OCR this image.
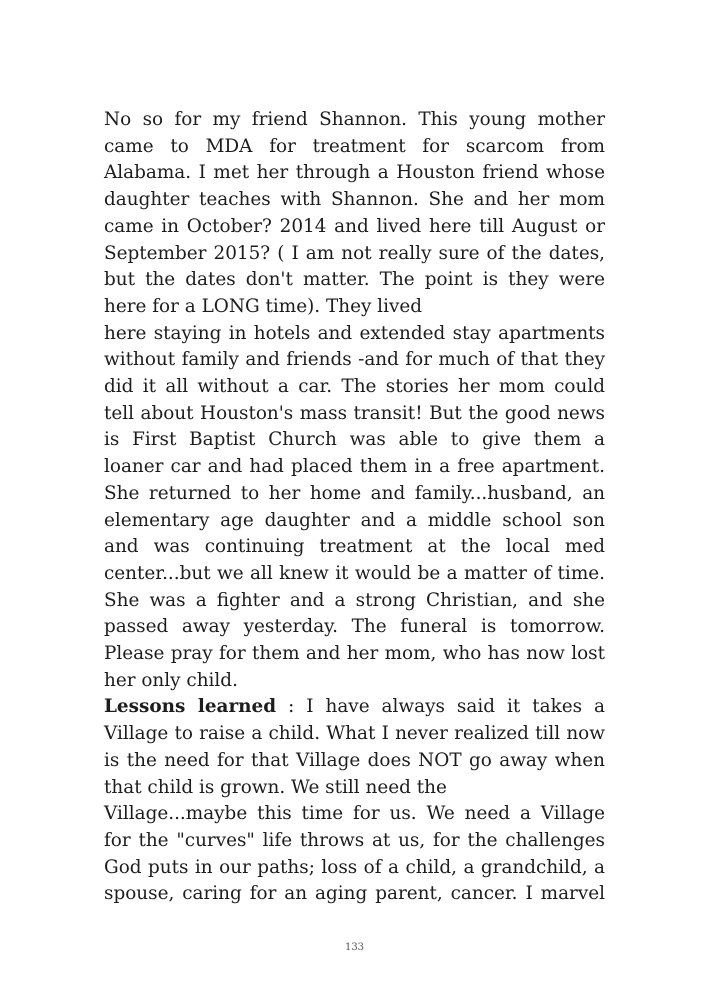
No so for my friend Shannon. This young mother came to MDA for treatment for scarcom from Alabama. I met her through a Houston friend whose daughter teaches with Shannon. She and her mom came in October? 2014 and lived here till August or September 2015? ( I am not really sure of the dates, but the dates don't matter. The point is they were here for a LONG time). They lived

here staying in hotels and extended stay apartments without family and friends -and for much of that they did it all without a car. The stories her mom could tell about Houston's mass transit! But the good news is First Baptist Church was able to give them a loaner car and had placed them in a free apartment. She returned to her home and family...husband, an elementary age daughter and a middle school son and was continuing treatment at the local med center...but we all knew it would be a matter of time. She was a fighter and a strong Christian, and she passed away yesterday. The funeral is tomorrow. Please pray for them and her mom, who has now lost her only child.

Lessons learned : I have always said it takes a Village to raise a child. What I never realized till now is the need for that Village does NOT go away when that child is grown. We still need the

Village...maybe this time for us. We need a Village for the "curves" life throws at us, for the challenges God puts in our paths; loss of a child, a grandchild, a spouse, caring for an aging parent, cancer. I marvel

133
